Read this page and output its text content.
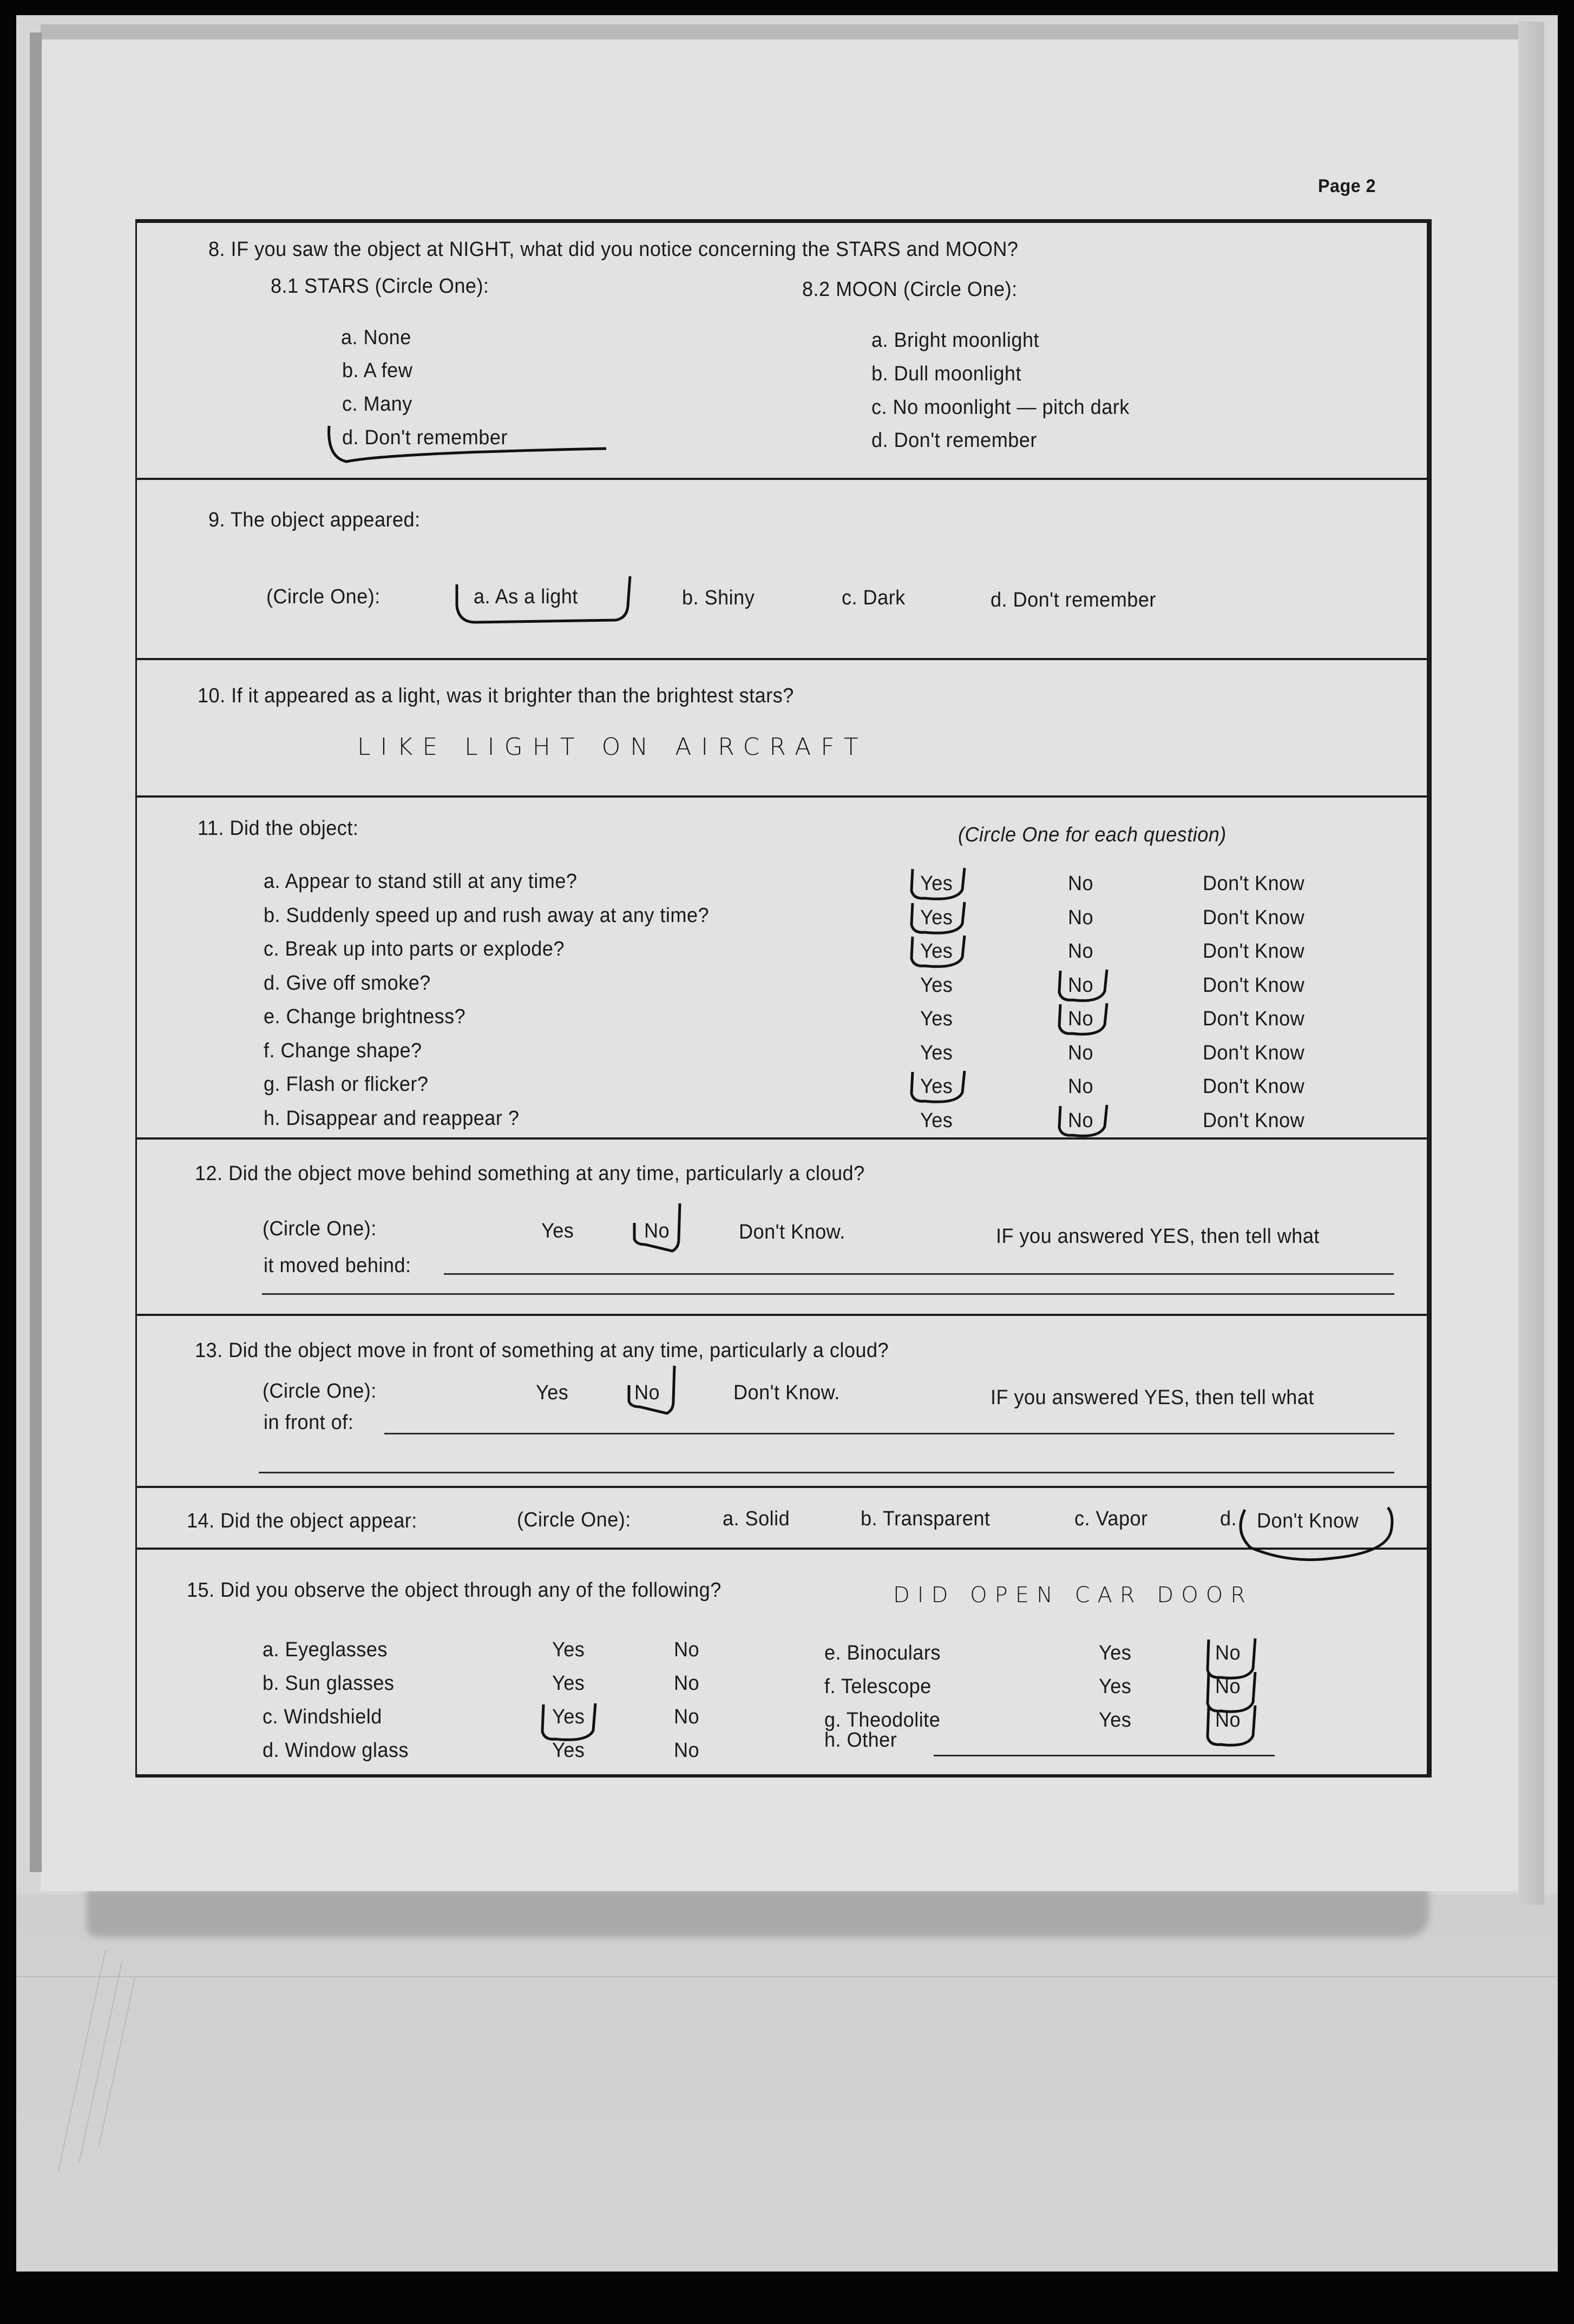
Page 2
8. IF you saw the object at NIGHT, what did you notice concerning the STARS and MOON?
8.1 STARS (Circle One):	8.2 MOON (Circle One):
a. None
b. A few
c. Many
d. Don't remember
a. Bright moonlight
b. Dull moonlight
c. No moonlight — pitch dark
d. Don't remember
9. The object appeared:
(Circle One):	a. As a light	b. Shiny	c. Dark	d. Don't remember
10. If it appeared as a light, was it brighter than the brightest stars?
LIKE LIGHT ON AIRCRAFT
11. Did the object:	(Circle One for each question)
a. Appear to stand still at any time?	Yes	No	Don't Know
b. Suddenly speed up and rush away at any time?	Yes	No	Don't Know
c. Break up into parts or explode?	Yes	No	Don't Know
d. Give off smoke?	Yes	No	Don't Know
e. Change brightness?	Yes	No	Don't Know
f. Change shape?	Yes	No	Don't Know
g. Flash or flicker?	Yes	No	Don't Know
h. Disappear and reappear ?	Yes	No	Don't Know
12. Did the object move behind something at any time, particularly a cloud?
(Circle One):	Yes	No	Don't Know.	IF you answered YES, then tell what
it moved behind:
13. Did the object move in front of something at any time, particularly a cloud?
(Circle One):	Yes	No	Don't Know.	IF you answered YES, then tell what
in front of:
14. Did the object appear:	(Circle One):	a. Solid	b. Transparent	c. Vapor	d. Don't Know
15. Did you observe the object through any of the following?	DID OPEN CAR DOOR
a. Eyeglasses	Yes	No
b. Sun glasses	Yes	No
c. Windshield	Yes	No
d. Window glass	Yes	No
e. Binoculars	Yes	No
f. Telescope	Yes	No
g. Theodolite	Yes	No
h. Other
